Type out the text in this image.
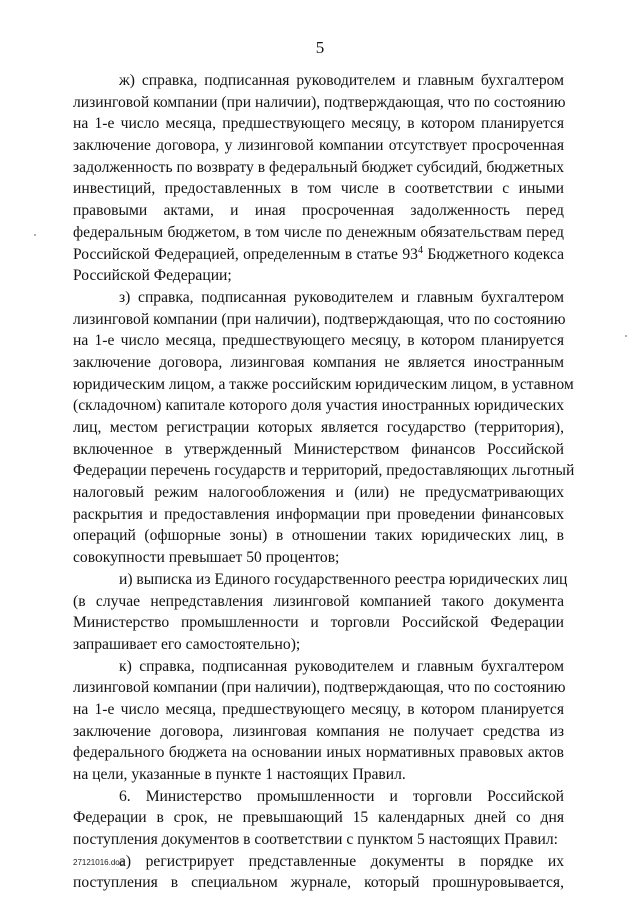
5
ж) справка, подписанная руководителем и главным бухгалтером
лизинговой компании (при наличии), подтверждающая, что по состоянию
на 1-е число месяца, предшествующего месяцу, в котором планируется
заключение договора, у лизинговой компании отсутствует просроченная
задолженность по возврату в федеральный бюджет субсидий, бюджетных
инвестиций, предоставленных в том числе в соответствии с иными
правовыми актами, и иная просроченная задолженность перед
федеральным бюджетом, в том числе по денежным обязательствам перед
Российской Федерацией, определенным в статье $93^4$ Бюджетного кодекса
Российской Федерации;
з) справка, подписанная руководителем и главным бухгалтером
лизинговой компании (при наличии), подтверждающая, что по состоянию
на 1-е число месяца, предшествующего месяцу, в котором планируется
заключение договора, лизинговая компания не является иностранным
юридическим лицом, а также российским юридическим лицом, в уставном
(складочном) капитале которого доля участия иностранных юридических
лиц, местом регистрации которых является государство (территория),
включенное в утвержденный Министерством финансов Российской
Федерации перечень государств и территорий, предоставляющих льготный
налоговый режим налогообложения и (или) не предусматривающих
раскрытия и предоставления информации при проведении финансовых
операций (офшорные зоны) в отношении таких юридических лиц, в
совокупности превышает 50 процентов;
и) выписка из Единого государственного реестра юридических лиц
(в случае непредставления лизинговой компанией такого документа
Министерство промышленности и торговли Российской Федерации
запрашивает его самостоятельно);
к) справка, подписанная руководителем и главным бухгалтером
лизинговой компании (при наличии), подтверждающая, что по состоянию
на 1-е число месяца, предшествующего месяцу, в котором планируется
заключение договора, лизинговая компания не получает средства из
федерального бюджета на основании иных нормативных правовых актов
на цели, указанные в пункте 1 настоящих Правил.
6. Министерство промышленности и торговли Российской
Федерации в срок, не превышающий 15 календарных дней со дня
поступления документов в соответствии с пунктом 5 настоящих Правил:
а) регистрирует представленные документы в порядке их
поступления в специальном журнале, который прошнуровывается,
27121016.doc
